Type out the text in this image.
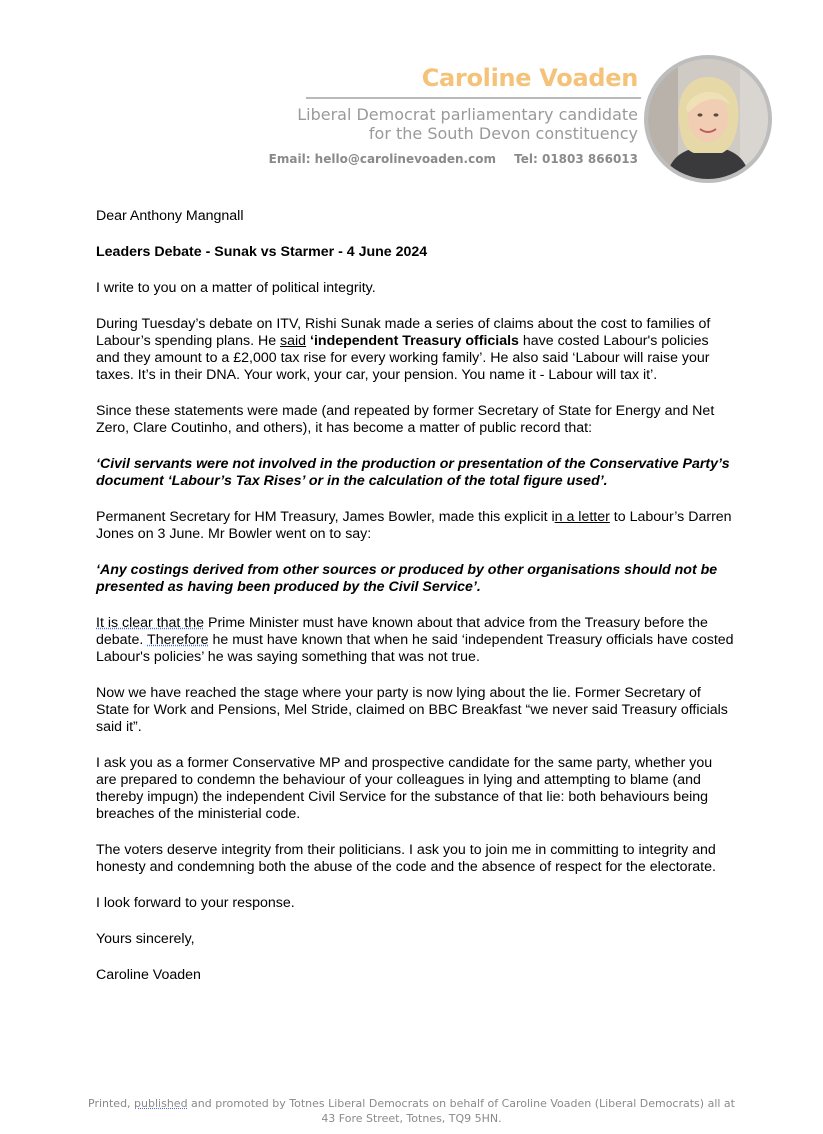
Caroline Voaden
Liberal Democrat parliamentary candidate
for the South Devon constituency
Email: hello@carolinevoaden.com Tel: 01803 866013

Dear Anthony Mangnall

Leaders Debate - Sunak vs Starmer - 4 June 2024

I write to you on a matter of political integrity.

During Tuesday’s debate on ITV, Rishi Sunak made a series of claims about the cost to families of Labour’s spending plans. He said ‘independent Treasury officials have costed Labour's policies and they amount to a £2,000 tax rise for every working family’. He also said ‘Labour will raise your taxes. It’s in their DNA. Your work, your car, your pension. You name it - Labour will tax it’.

Since these statements were made (and repeated by former Secretary of State for Energy and Net Zero, Clare Coutinho, and others), it has become a matter of public record that:

‘Civil servants were not involved in the production or presentation of the Conservative Party’s document ‘Labour’s Tax Rises’ or in the calculation of the total figure used’.

Permanent Secretary for HM Treasury, James Bowler, made this explicit in a letter to Labour’s Darren Jones on 3 June. Mr Bowler went on to say:

‘Any costings derived from other sources or produced by other organisations should not be presented as having been produced by the Civil Service’.

It is clear that the Prime Minister must have known about that advice from the Treasury before the debate. Therefore he must have known that when he said ‘independent Treasury officials have costed Labour's policies’ he was saying something that was not true.

Now we have reached the stage where your party is now lying about the lie. Former Secretary of State for Work and Pensions, Mel Stride, claimed on BBC Breakfast “we never said Treasury officials said it”.

I ask you as a former Conservative MP and prospective candidate for the same party, whether you are prepared to condemn the behaviour of your colleagues in lying and attempting to blame (and thereby impugn) the independent Civil Service for the substance of that lie: both behaviours being breaches of the ministerial code.

The voters deserve integrity from their politicians. I ask you to join me in committing to integrity and honesty and condemning both the abuse of the code and the absence of respect for the electorate.

I look forward to your response.

Yours sincerely,

Caroline Voaden

Printed, published and promoted by Totnes Liberal Democrats on behalf of Caroline Voaden (Liberal Democrats) all at
43 Fore Street, Totnes, TQ9 5HN.
